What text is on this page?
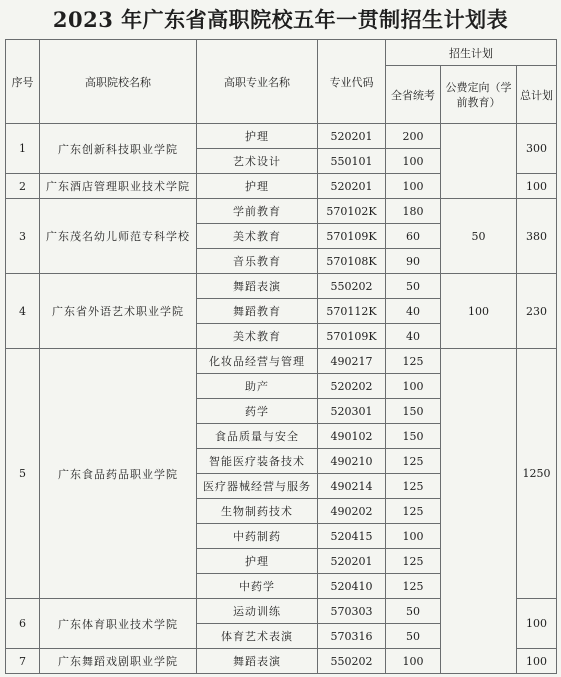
2023 年广东省高职院校五年一贯制招生计划表
序号	高职院校名称	高职专业名称	专业代码	招生计划		
				全省统考	公费定向（学前教育）	总计划
1	广东创新科技职业学院	护理	520201	200		300
		艺术设计	550101	100		
2	广东酒店管理职业技术学院	护理	520201	100		100
3	广东茂名幼儿师范专科学校	学前教育	570102K	180	50	380
		美术教育	570109K	60		
		音乐教育	570108K	90		
4	广东省外语艺术职业学院	舞蹈表演	550202	50	100	230
		舞蹈教育	570112K	40		
		美术教育	570109K	40		
5	广东食品药品职业学院	化妆品经营与管理	490217	125		1250
		助产	520202	100		
		药学	520301	150		
		食品质量与安全	490102	150		
		智能医疗装备技术	490210	125		
		医疗器械经营与服务	490214	125		
		生物制药技术	490202	125		
		中药制药	520415	100		
		护理	520201	125		
		中药学	520410	125		
6	广东体育职业技术学院	运动训练	570303	50		100
		体育艺术表演	570316	50		
7	广东舞蹈戏剧职业学院	舞蹈表演	550202	100		100
